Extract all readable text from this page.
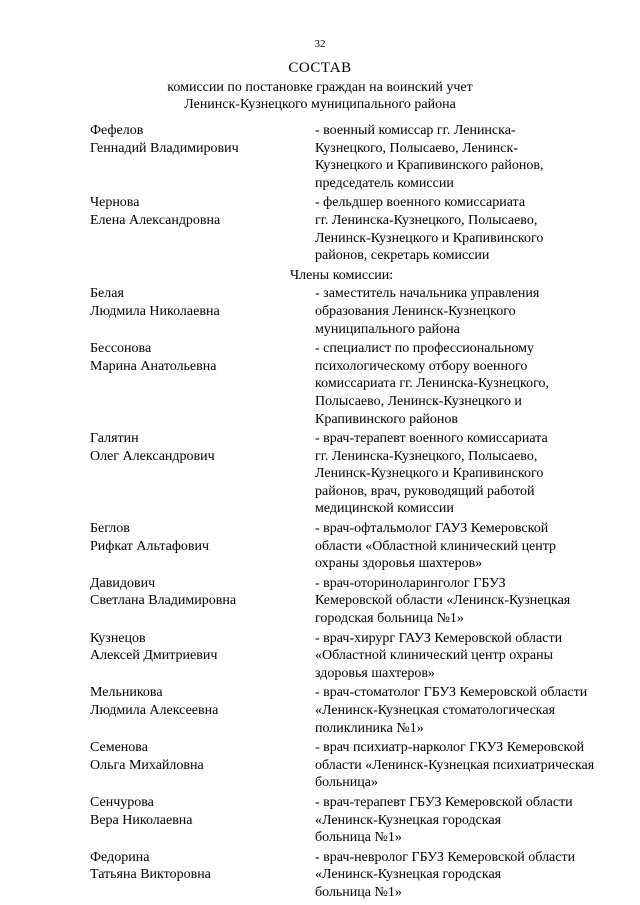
32
СОСТАВ
комиссии по постановке граждан на воинский учет
Ленинск-Кузнецкого муниципального района
Фефелов
Геннадий Владимирович
- военный комиссар гг. Ленинска-
Кузнецкого, Полысаево, Ленинск-
Кузнецкого и Крапивинского районов,
председатель комиссии
Чернова
Елена Александровна
- фельдшер военного комиссариата
гг. Ленинска-Кузнецкого, Полысаево,
Ленинск-Кузнецкого и Крапивинского
районов, секретарь комиссии
Члены комиссии:
Белая
Людмила Николаевна
- заместитель начальника управления
образования Ленинск-Кузнецкого
муниципального района
Бессонова
Марина Анатольевна
- специалист по профессиональному
психологическому отбору военного
комиссариата гг. Ленинска-Кузнецкого,
Полысаево, Ленинск-Кузнецкого и
Крапивинского районов
Галятин
Олег Александрович
- врач-терапевт военного комиссариата
гг. Ленинска-Кузнецкого, Полысаево,
Ленинск-Кузнецкого и Крапивинского
районов, врач, руководящий работой
медицинской комиссии
Беглов
Рифкат Альтафович
- врач-офтальмолог ГАУЗ Кемеровской
области «Областной клинический центр
охраны здоровья шахтеров»
Давидович
Светлана Владимировна
- врач-оториноларинголог ГБУЗ
Кемеровской области «Ленинск-Кузнецкая
городская больница №1»
Кузнецов
Алексей Дмитриевич
- врач-хирург ГАУЗ Кемеровской области
«Областной клинический центр охраны
здоровья шахтеров»
Мельникова
Людмила Алексеевна
- врач-стоматолог ГБУЗ Кемеровской области
«Ленинск-Кузнецкая стоматологическая
поликлиника №1»
Семенова
Ольга Михайловна
- врач психиатр-нарколог ГКУЗ Кемеровской
области «Ленинск-Кузнецкая психиатрическая
больница»
Сенчурова
Вера Николаевна
- врач-терапевт ГБУЗ Кемеровской области
«Ленинск-Кузнецкая городская
больница №1»
Федорина
Татьяна Викторовна
- врач-невролог ГБУЗ Кемеровской области
«Ленинск-Кузнецкая городская
больница №1»
